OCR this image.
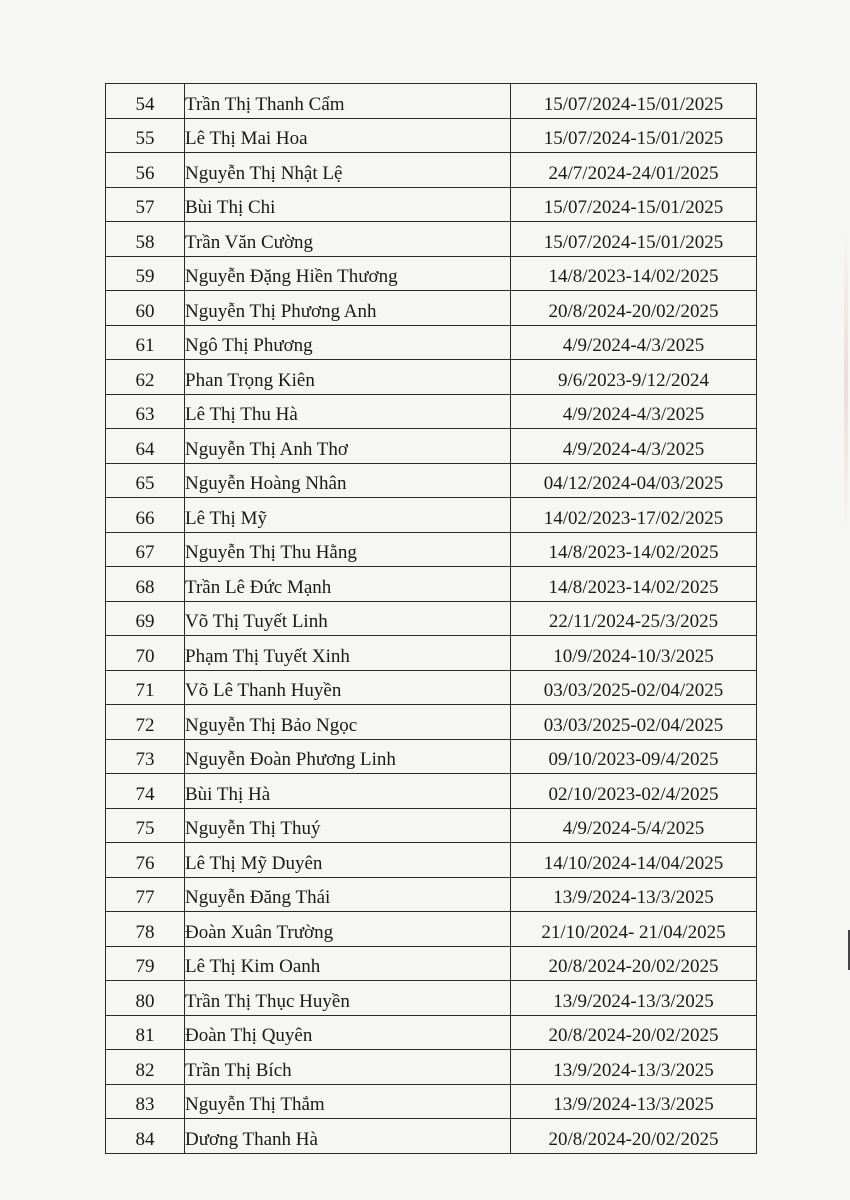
54	Trần Thị Thanh Cẩm	15/07/2024-15/01/2025
55	Lê Thị Mai Hoa	15/07/2024-15/01/2025
56	Nguyễn Thị Nhật Lệ	24/7/2024-24/01/2025
57	Bùi Thị Chi	15/07/2024-15/01/2025
58	Trần Văn Cường	15/07/2024-15/01/2025
59	Nguyễn Đặng Hiền Thương	14/8/2023-14/02/2025
60	Nguyễn Thị Phương Anh	20/8/2024-20/02/2025
61	Ngô Thị Phương	4/9/2024-4/3/2025
62	Phan Trọng Kiên	9/6/2023-9/12/2024
63	Lê Thị Thu Hà	4/9/2024-4/3/2025
64	Nguyễn Thị Anh Thơ	4/9/2024-4/3/2025
65	Nguyễn Hoàng Nhân	04/12/2024-04/03/2025
66	Lê Thị Mỹ	14/02/2023-17/02/2025
67	Nguyễn Thị Thu Hằng	14/8/2023-14/02/2025
68	Trần Lê Đức Mạnh	14/8/2023-14/02/2025
69	Võ Thị Tuyết Linh	22/11/2024-25/3/2025
70	Phạm Thị Tuyết Xinh	10/9/2024-10/3/2025
71	Võ Lê Thanh Huyền	03/03/2025-02/04/2025
72	Nguyễn Thị Bảo Ngọc	03/03/2025-02/04/2025
73	Nguyễn Đoàn Phương Linh	09/10/2023-09/4/2025
74	Bùi Thị Hà	02/10/2023-02/4/2025
75	Nguyễn Thị Thuý	4/9/2024-5/4/2025
76	Lê Thị Mỹ Duyên	14/10/2024-14/04/2025
77	Nguyễn Đăng Thái	13/9/2024-13/3/2025
78	Đoàn Xuân Trường	21/10/2024- 21/04/2025
79	Lê Thị Kim Oanh	20/8/2024-20/02/2025
80	Trần Thị Thục Huyền	13/9/2024-13/3/2025
81	Đoàn Thị Quyên	20/8/2024-20/02/2025
82	Trần Thị Bích	13/9/2024-13/3/2025
83	Nguyễn Thị Thắm	13/9/2024-13/3/2025
84	Dương Thanh Hà	20/8/2024-20/02/2025
